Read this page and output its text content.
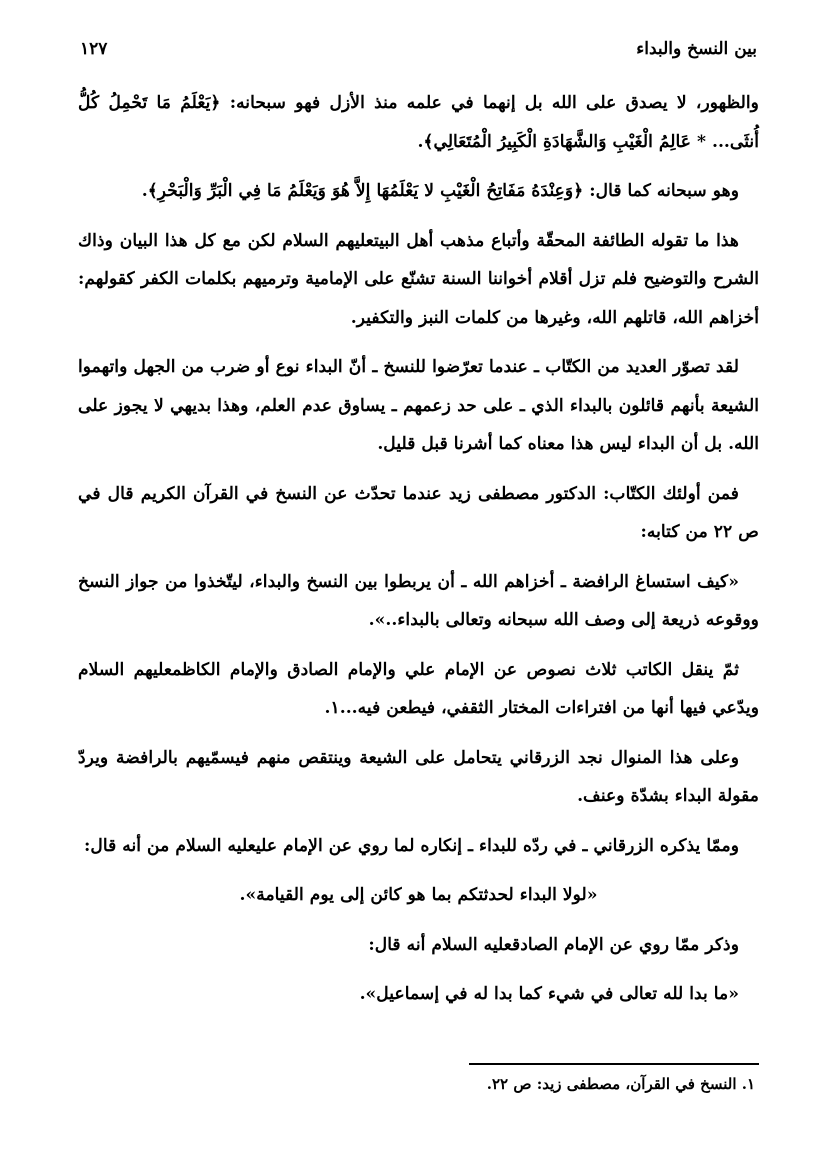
بين النسخ والبداء
١٢٧

والظهور، لا يصدق على الله بل إنهما في علمه منذ الأزل فهو سبحانه: ﴿يَعْلَمُ مَا تَحْمِلُ كُلُّ أُنثَى... * عَالِمُ الْغَيْبِ وَالشَّهَادَةِ الْكَبِيرُ الْمُتَعَالِي﴾.

وهو سبحانه كما قال: ﴿وَعِنْدَهُ مَفَاتِحُ الْغَيْبِ لا يَعْلَمُهَا إِلاَّ هُوَ وَيَعْلَمُ مَا فِي الْبَرِّ وَالْبَحْرِ﴾.

هذا ما تقوله الطائفة المحقّة وأتباع مذهب أهل البيتعليهم السلام لكن مع كل هذا البيان وذاك الشرح والتوضيح فلم تزل أقلام أخواننا السنة تشنّع على الإمامية وترميهم بكلمات الكفر كقولهم: أخزاهم الله، قاتلهم الله، وغيرها من كلمات النبز والتكفير.

لقد تصوّر العديد من الكتّاب ـ عندما تعرّضوا للنسخ ـ أنّ البداء نوع أو ضرب من الجهل واتهموا الشيعة بأنهم قائلون بالبداء الذي ـ على حد زعمهم ـ يساوق عدم العلم، وهذا بديهي لا يجوز على الله. بل أن البداء ليس هذا معناه كما أشرنا قبل قليل.

فمن أولئك الكتّاب: الدكتور مصطفى زيد عندما تحدّث عن النسخ في القرآن الكريم قال في ص ٢٢ من كتابه:

«كيف استساغ الرافضة ـ أخزاهم الله ـ أن يربطوا بين النسخ والبداء، ليتّخذوا من جواز النسخ ووقوعه ذريعة إلى وصف الله سبحانه وتعالى بالبداء..».

ثمّ ينقل الكاتب ثلاث نصوص عن الإمام علي والإمام الصادق والإمام الكاظمعليهم السلام ويدّعي فيها أنها من افتراءات المختار الثقفي، فيطعن فيه...١.

وعلى هذا المنوال نجد الزرقاني يتحامل على الشيعة وينتقص منهم فيسمّيهم بالرافضة ويردّ مقولة البداء بشدّة وعنف.

وممّا يذكره الزرقاني ـ في ردّه للبداء ـ إنكاره لما روي عن الإمام عليعليه السلام من أنه قال:

«لولا البداء لحدثتكم بما هو كائن إلى يوم القيامة».

وذكر ممّا روي عن الإمام الصادقعليه السلام أنه قال:

«ما بدا لله تعالى في شيء كما بدا له في إسماعيل».

١. النسخ في القرآن، مصطفى زيد: ص ٢٢.
